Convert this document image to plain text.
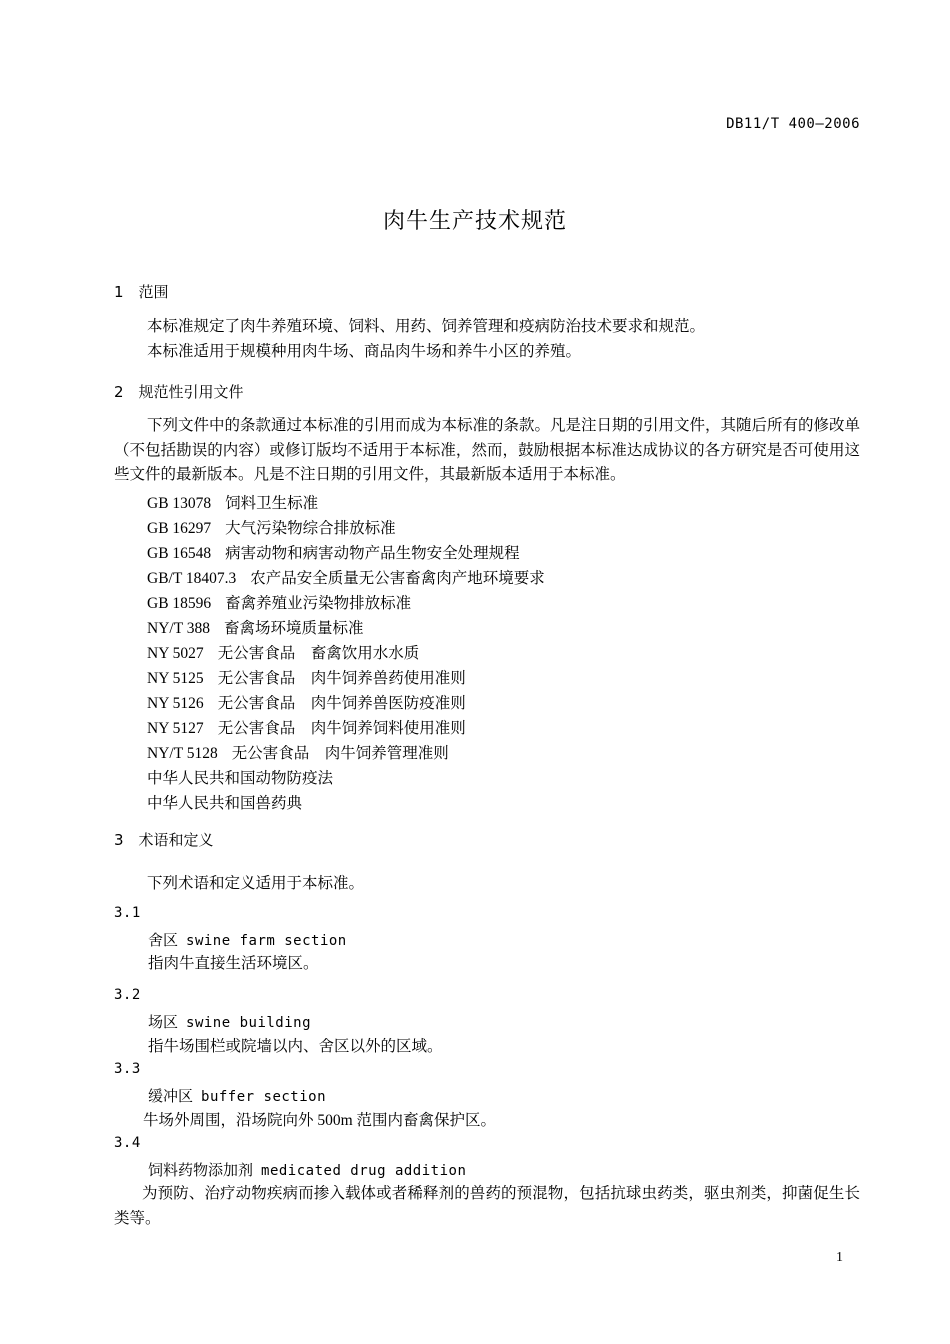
DB11/T 400—2006
肉牛生产技术规范
1　范围
本标准规定了肉牛养殖环境、饲料、用药、饲养管理和疫病防治技术要求和规范。
本标准适用于规模种用肉牛场、商品肉牛场和养牛小区的养殖。
2　规范性引用文件
下列文件中的条款通过本标准的引用而成为本标准的条款。凡是注日期的引用文件，其随后所有的修改单（不包括勘误的内容）或修订版均不适用于本标准，然而，鼓励根据本标准达成协议的各方研究是否可使用这些文件的最新版本。凡是不注日期的引用文件，其最新版本适用于本标准。
GB 13078 饲料卫生标准
GB 16297 大气污染物综合排放标准
GB 16548 病害动物和病害动物产品生物安全处理规程
GB/T 18407.3 农产品安全质量无公害畜禽肉产地环境要求
GB 18596 畜禽养殖业污染物排放标准
NY/T 388 畜禽场环境质量标准
NY 5027 无公害食品　畜禽饮用水水质
NY 5125 无公害食品　肉牛饲养兽药使用准则
NY 5126 无公害食品　肉牛饲养兽医防疫准则
NY 5127 无公害食品　肉牛饲养饲料使用准则
NY/T 5128 无公害食品　肉牛饲养管理准则
中华人民共和国动物防疫法
中华人民共和国兽药典
3　术语和定义
下列术语和定义适用于本标准。
3.1
舍区 swine farm section
指肉牛直接生活环境区。
3.2
场区 swine building
指牛场围栏或院墙以内、舍区以外的区域。
3.3
缓冲区 buffer section
牛场外周围，沿场院向外 500m 范围内畜禽保护区。
3.4
饲料药物添加剂 medicated drug addition
为预防、治疗动物疾病而掺入载体或者稀释剂的兽药的预混物，包括抗球虫药类，驱虫剂类，抑菌促生长类等。
1
